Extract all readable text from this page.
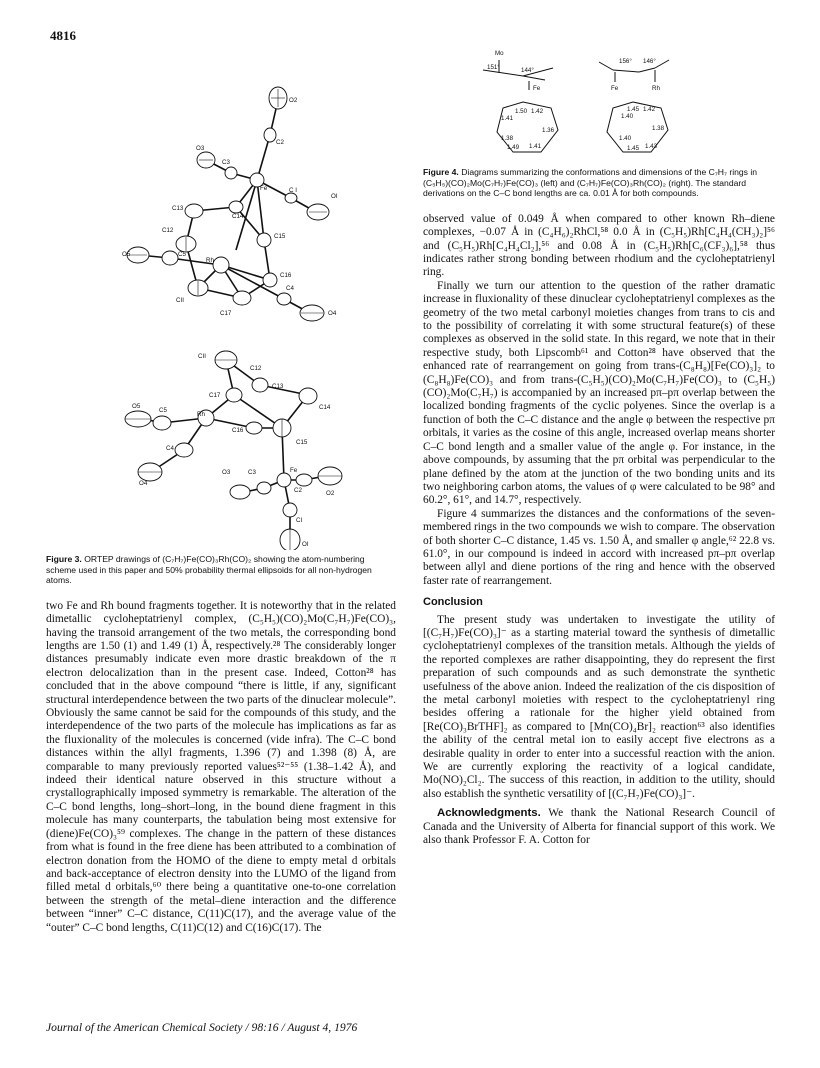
4816
O2
C2
O3
C3
Fe	C I
OI
C13
C14
C12
C15
O5	C5
Rh
C16
C4
CII
C17	O4
CII
C12
C13
C17
C14
O5
C5
Rh
C16
C15
C4
O3	C3	Fe
C2
O4
O2
CI
OI
Figure 3. ORTEP drawings of (C₇H₇)Fe(CO)₃Rh(CO)₂ showing the atom-numbering scheme used in this paper and 50% probability thermal ellipsoids for all non-hydrogen atoms.

two Fe and Rh bound fragments together. It is noteworthy that in the related dimetallic cycloheptatrienyl complex, (C₅H₅)(CO)₂Mo(C₇H₇)Fe(CO)₃, having the transoid arrangement of the two metals, the corresponding bond lengths are 1.50 (1) and 1.49 (1) Å, respectively.²⁸ The considerably longer distances presumably indicate even more drastic breakdown of the π electron delocalization than in the present case. Indeed, Cotton²⁸ has concluded that in the above compound “there is little, if any, significant structural interdependence between the two parts of the dinuclear molecule”. Obviously the same cannot be said for the compounds of this study, and the interdependence of the two parts of the molecule has implications as far as the fluxionality of the molecules is concerned (vide infra). The C–C bond distances within the allyl fragments, 1.396 (7) and 1.398 (8) Å, are comparable to many previously reported values⁵²⁻⁵⁵ (1.38–1.42 Å), and indeed their identical nature observed in this structure without a crystallographically imposed symmetry is remarkable. The alteration of the C–C bond lengths, long–short–long, in the bound diene fragment in this molecule has many counterparts, the tabulation being most extensive for (diene)Fe(CO)₃⁵⁹ complexes. The change in the pattern of these distances from what is found in the free diene has been attributed to a combination of electron donation from the HOMO of the diene to empty metal d orbitals and back-acceptance of electron density into the LUMO of the ligand from filled metal d orbitals,⁶⁰ there being a quantitative one-to-one correlation between the strength of the metal–diene interaction and the difference between “inner” C–C distance, C(11)C(17), and the average value of the “outer” C–C bond lengths, C(11)C(12) and C(16)C(17). The

Mo
151°	144°
Fe
156° 146°
Fe	Rh
1.50 1.42
1.41
1.36
1.38
1.49 1.41
1.45 1.42
1.40
1.38
1.40
1.45 1.43
Figure 4. Diagrams summarizing the conformations and dimensions of the C₇H₇ rings in (C₅H₅)(CO)₂Mo(C₇H₇)Fe(CO)₃ (left) and (C₇H₇)Fe(CO)₃Rh(CO)₂ (right). The standard derivations on the C–C bond lengths are ca. 0.01 Å for both compounds.

observed value of 0.049 Å when compared to other known Rh–diene complexes, −0.07 Å in (C₄H₆)₂RhCl,⁵⁸ 0.0 Å in (C₅H₅)Rh[C₄H₄(CH₃)₂]⁵⁶ and (C₅H₅)Rh[C₄H₄Cl₂],⁵⁶ and 0.08 Å in (C₅H₅)Rh[C₆(CF₃)₆],⁵⁸ thus indicates rather strong bonding between rhodium and the cycloheptatrienyl ring.

Finally we turn our attention to the question of the rather dramatic increase in fluxionality of these dinuclear cycloheptatrienyl complexes as the geometry of the two metal carbonyl moieties changes from trans to cis and to the possibility of correlating it with some structural feature(s) of these complexes as observed in the solid state. In this regard, we note that in their respective study, both Lipscomb⁶¹ and Cotton²⁸ have observed that the enhanced rate of rearrangement on going from trans-(C₈H₈)[Fe(CO)₃]₂ to (C₈H₈)Fe(CO)₃ and from trans-(C₅H₅)(CO)₂Mo(C₇H₇)Fe(CO)₃ to (C₅H₅)(CO)₂Mo(C₇H₇) is accompanied by an increased pπ–pπ overlap between the localized bonding fragments of the cyclic polyenes. Since the overlap is a function of both the C–C distance and the angle φ between the respective pπ orbitals, it varies as the cosine of this angle, increased overlap means shorter C–C bond length and a smaller value of the angle φ. For instance, in the above compounds, by assuming that the pπ orbital was perpendicular to the plane defined by the atom at the junction of the two bonding units and its two neighboring carbon atoms, the values of φ were calculated to be 98° and 60.2°, 61°, and 14.7°, respectively.

Figure 4 summarizes the distances and the conformations of the seven-membered rings in the two compounds we wish to compare. The observation of both shorter C–C distance, 1.45 vs. 1.50 Å, and smaller φ angle,⁶² 22.8 vs. 61.0°, in our compound is indeed in accord with increased pπ–pπ overlap between allyl and diene portions of the ring and hence with the observed faster rate of rearrangement.

Conclusion

The present study was undertaken to investigate the utility of [(C₇H₇)Fe(CO)₃]⁻ as a starting material toward the synthesis of dimetallic cycloheptatrienyl complexes of the transition metals. Although the yields of the reported complexes are rather disappointing, they do represent the first preparation of such compounds and as such demonstrate the synthetic usefulness of the above anion. Indeed the realization of the cis disposition of the metal carbonyl moieties with respect to the cycloheptatrienyl ring besides offering a rationale for the higher yield obtained from [Re(CO)₃BrTHF]₂ as compared to [Mn(CO)₄Br]₂ reaction⁶³ also identifies the ability of the central metal ion to easily accept five electrons as a desirable quality in order to enter into a successful reaction with the anion. We are currently exploring the reactivity of a logical candidate, Mo(NO)₂Cl₂. The success of this reaction, in addition to the utility, should also establish the synthetic versatility of [(C₇H₇)Fe(CO)₃]⁻.

Acknowledgments. We thank the National Research Council of Canada and the University of Alberta for financial support of this work. We also thank Professor F. A. Cotton for

Journal of the American Chemical Society / 98:16 / August 4, 1976
